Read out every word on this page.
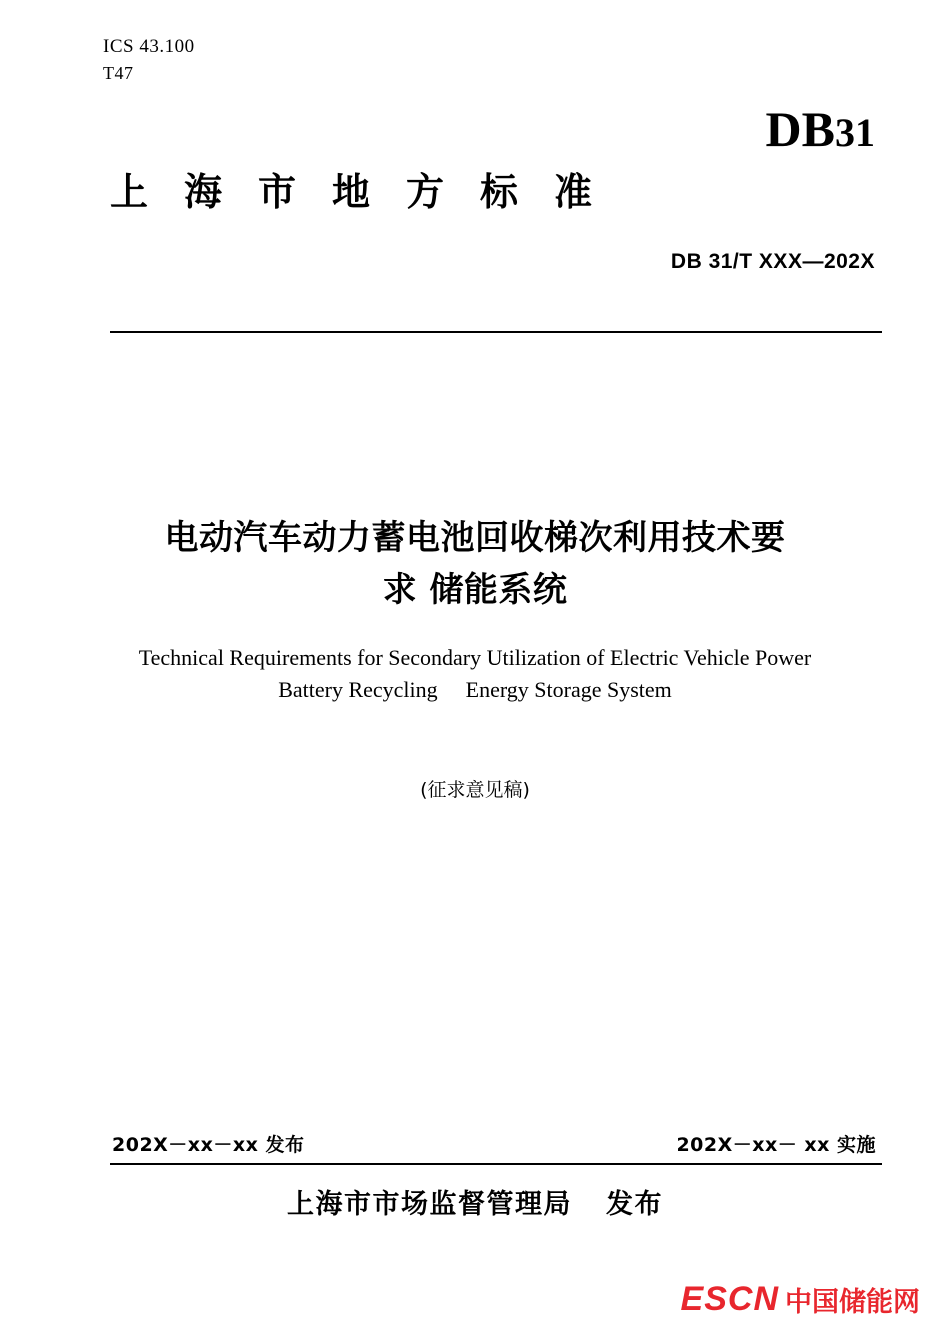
ICS 43.100
T47
DB31
上海市地方标准
DB 31/T XXX—202X
电动汽车动力蓄电池回收梯次利用技术要
求 储能系统
Technical Requirements for Secondary Utilization of Electric Vehicle Power
Battery Recycling Energy Storage System
(征求意见稿)
202X－xx－xx 发布	202X－xx－ xx 实施
上海市市场监督管理局 发布
ESCN 中国储能网
